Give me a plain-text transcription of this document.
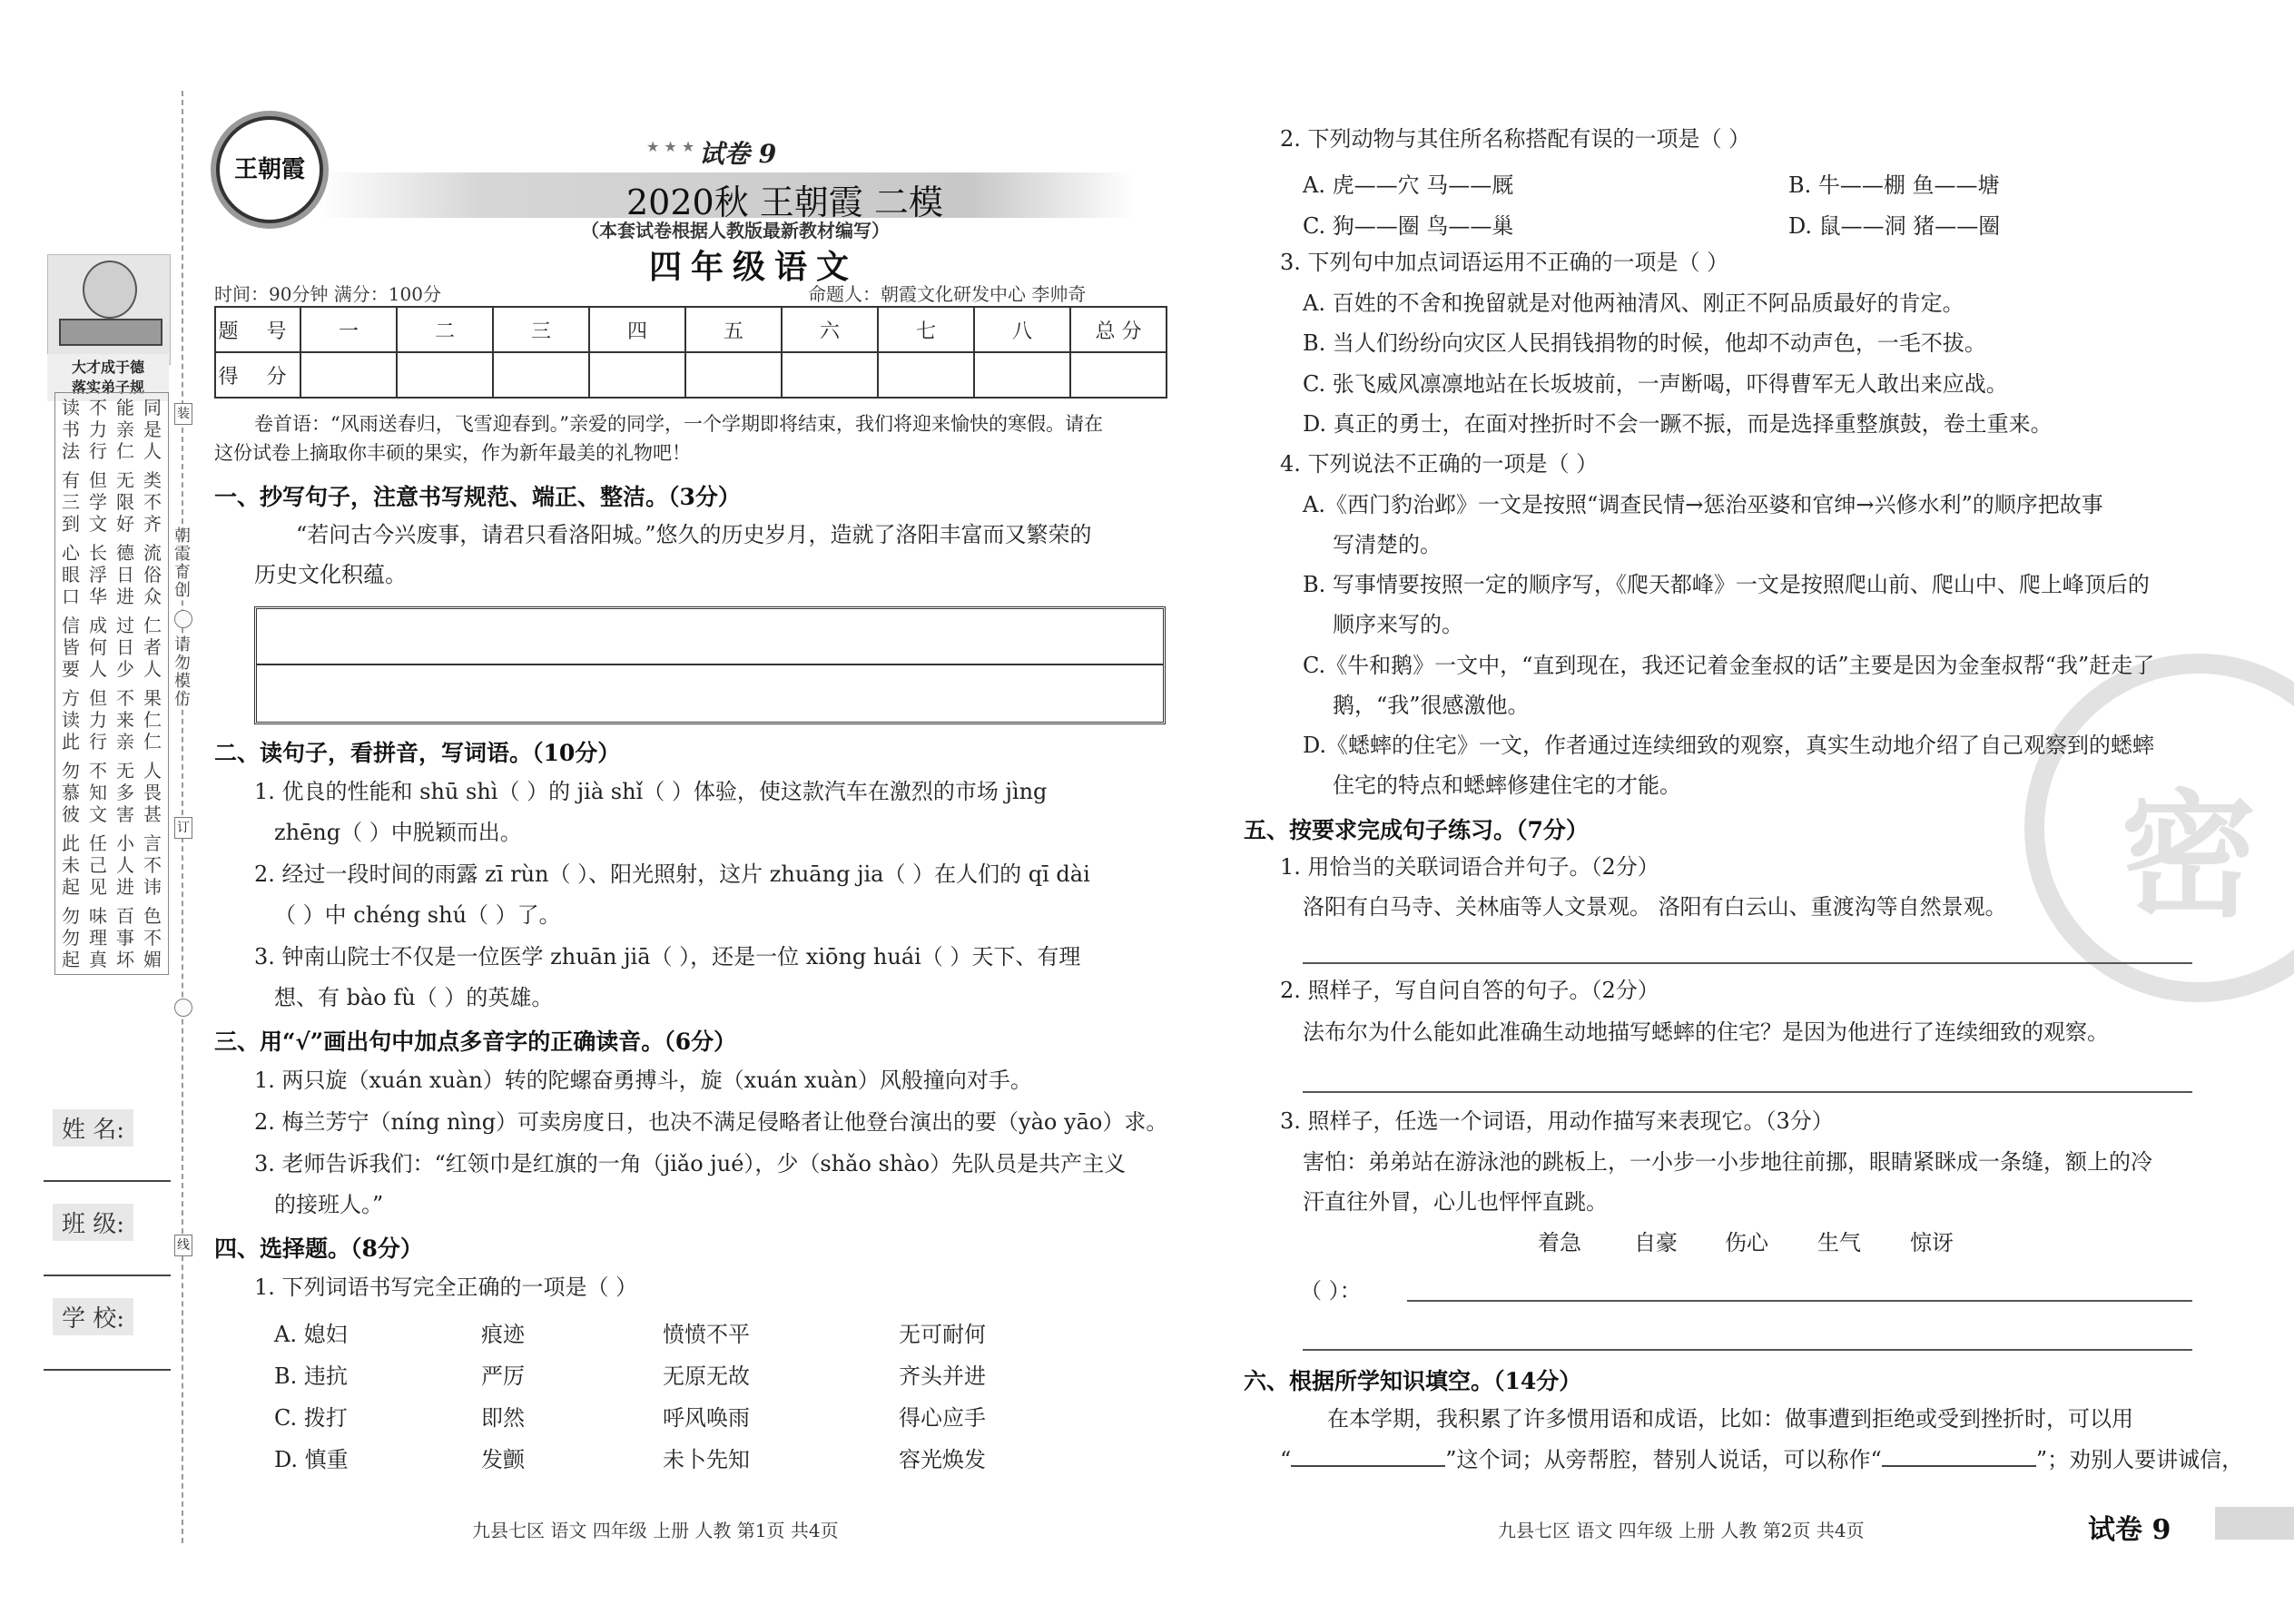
大才成于德
落实弟子规
读 不 能 同
书 力 亲 是
法 行 仁 人
有 但 无 类
三 学 限 不
到 文 好 齐
心 长 德 流
眼 浮 日 俗
口 华 进 众
信 成 过 仁
皆 何 日 者
要 人 少 人
方 但 不 果
读 力 来 仁
此 行 亲 仁
勿 不 无 人
慕 知 多 畏
彼 文 害 甚
此 任 小 言
未 己 人 不
起 见 进 讳
勿 味 百 色
勿 理 事 不
起 真 坏 媚
朝霞育创
请勿模仿
装
订
线
姓 名:
班 级:
学 校:
王朝霞
★ ★ ★ 试卷 9
2020秋 王朝霞 二模
（本套试卷根据人教版最新教材编写）
四年级语文
时间：90分钟 满分：100分	命题人：朝霞文化研发中心 李帅奇
题 号	一	二	三	四	五	六	七	八	总 分
得 分									
卷首语：“风雨送春归，飞雪迎春到。”亲爱的同学，一个学期即将结束，我们将迎来愉快的寒假。请在
这份试卷上摘取你丰硕的果实，作为新年最美的礼物吧！
一、抄写句子，注意书写规范、端正、整洁。（3分）
“若问古今兴废事，请君只看洛阳城。”悠久的历史岁月，造就了洛阳丰富而又繁荣的
历史文化积蕴。
二、读句子，看拼音，写词语。（10分）
1. 优良的性能和 shū shì（ ）的 jià shǐ（ ）体验，使这款汽车在激烈的市场 jìng
zhēng（ ）中脱颖而出。
2. 经过一段时间的雨露 zī rùn（ ）、阳光照射，这片 zhuāng jia（ ）在人们的 qī dài
（ ）中 chéng shú（ ）了。
3. 钟南山院士不仅是一位医学 zhuān jiā（ ），还是一位 xiōng huái（ ）天下、有理
想、有 bào fù（ ）的英雄。
三、用“√”画出句中加点多音字的正确读音。（6分）
1. 两只旋（xuán xuàn）转的陀螺奋勇搏斗，旋（xuán xuàn）风般撞向对手。
2. 梅兰芳宁（níng nìng）可卖房度日，也决不满足侵略者让他登台演出的要（yào yāo）求。
3. 老师告诉我们：“红领巾是红旗的一角（jiǎo jué），少（shǎo shào）先队员是共产主义
的接班人。”
四、选择题。（8分）
1. 下列词语书写完全正确的一项是（ ）
A. 媳妇	痕迹	愤愤不平	无可耐何
B. 违抗	严厉	无原无故	齐头并进
C. 拨打	即然	呼风唤雨	得心应手
D. 慎重	发颤	未卜先知	容光焕发
九县七区 语文 四年级 上册 人教 第1页 共4页
密
2. 下列动物与其住所名称搭配有误的一项是（ ）
A. 虎——穴 马——厩	B. 牛——棚 鱼——塘
C. 狗——圈 鸟——巢	D. 鼠——洞 猪——圈
3. 下列句中加点词语运用不正确的一项是（ ）
A. 百姓的不舍和挽留就是对他两袖清风、刚正不阿品质最好的肯定。
B. 当人们纷纷向灾区人民捐钱捐物的时候，他却不动声色，一毛不拔。
C. 张飞威风凛凛地站在长坂坡前，一声断喝，吓得曹军无人敢出来应战。
D. 真正的勇士，在面对挫折时不会一蹶不振，而是选择重整旗鼓，卷土重来。
4. 下列说法不正确的一项是（ ）
A.《西门豹治邺》一文是按照“调查民情→惩治巫婆和官绅→兴修水利”的顺序把故事
写清楚的。
B. 写事情要按照一定的顺序写，《爬天都峰》一文是按照爬山前、爬山中、爬上峰顶后的
顺序来写的。
C.《牛和鹅》一文中，“直到现在，我还记着金奎叔的话”主要是因为金奎叔帮“我”赶走了
鹅，“我”很感激他。
D.《蟋蟀的住宅》一文，作者通过连续细致的观察，真实生动地介绍了自己观察到的蟋蟀
住宅的特点和蟋蟀修建住宅的才能。
五、按要求完成句子练习。（7分）
1. 用恰当的关联词语合并句子。（2分）
洛阳有白马寺、关林庙等人文景观。 洛阳有白云山、重渡沟等自然景观。
2. 照样子，写自问自答的句子。（2分）
法布尔为什么能如此准确生动地描写蟋蟀的住宅？是因为他进行了连续细致的观察。
3. 照样子，任选一个词语，用动作描写来表现它。（3分）
害怕：弟弟站在游泳池的跳板上，一小步一小步地往前挪，眼睛紧眯成一条缝，额上的冷
汗直往外冒，心儿也怦怦直跳。
着急 自豪 伤心 生气 惊讶
（ ）：
六、根据所学知识填空。（14分）
在本学期，我积累了许多惯用语和成语，比如：做事遭到拒绝或受到挫折时，可以用
“	”这个词；从旁帮腔，替别人说话，可以称作“	”；劝别人要讲诚信，
九县七区 语文 四年级 上册 人教 第2页 共4页	试卷 9
